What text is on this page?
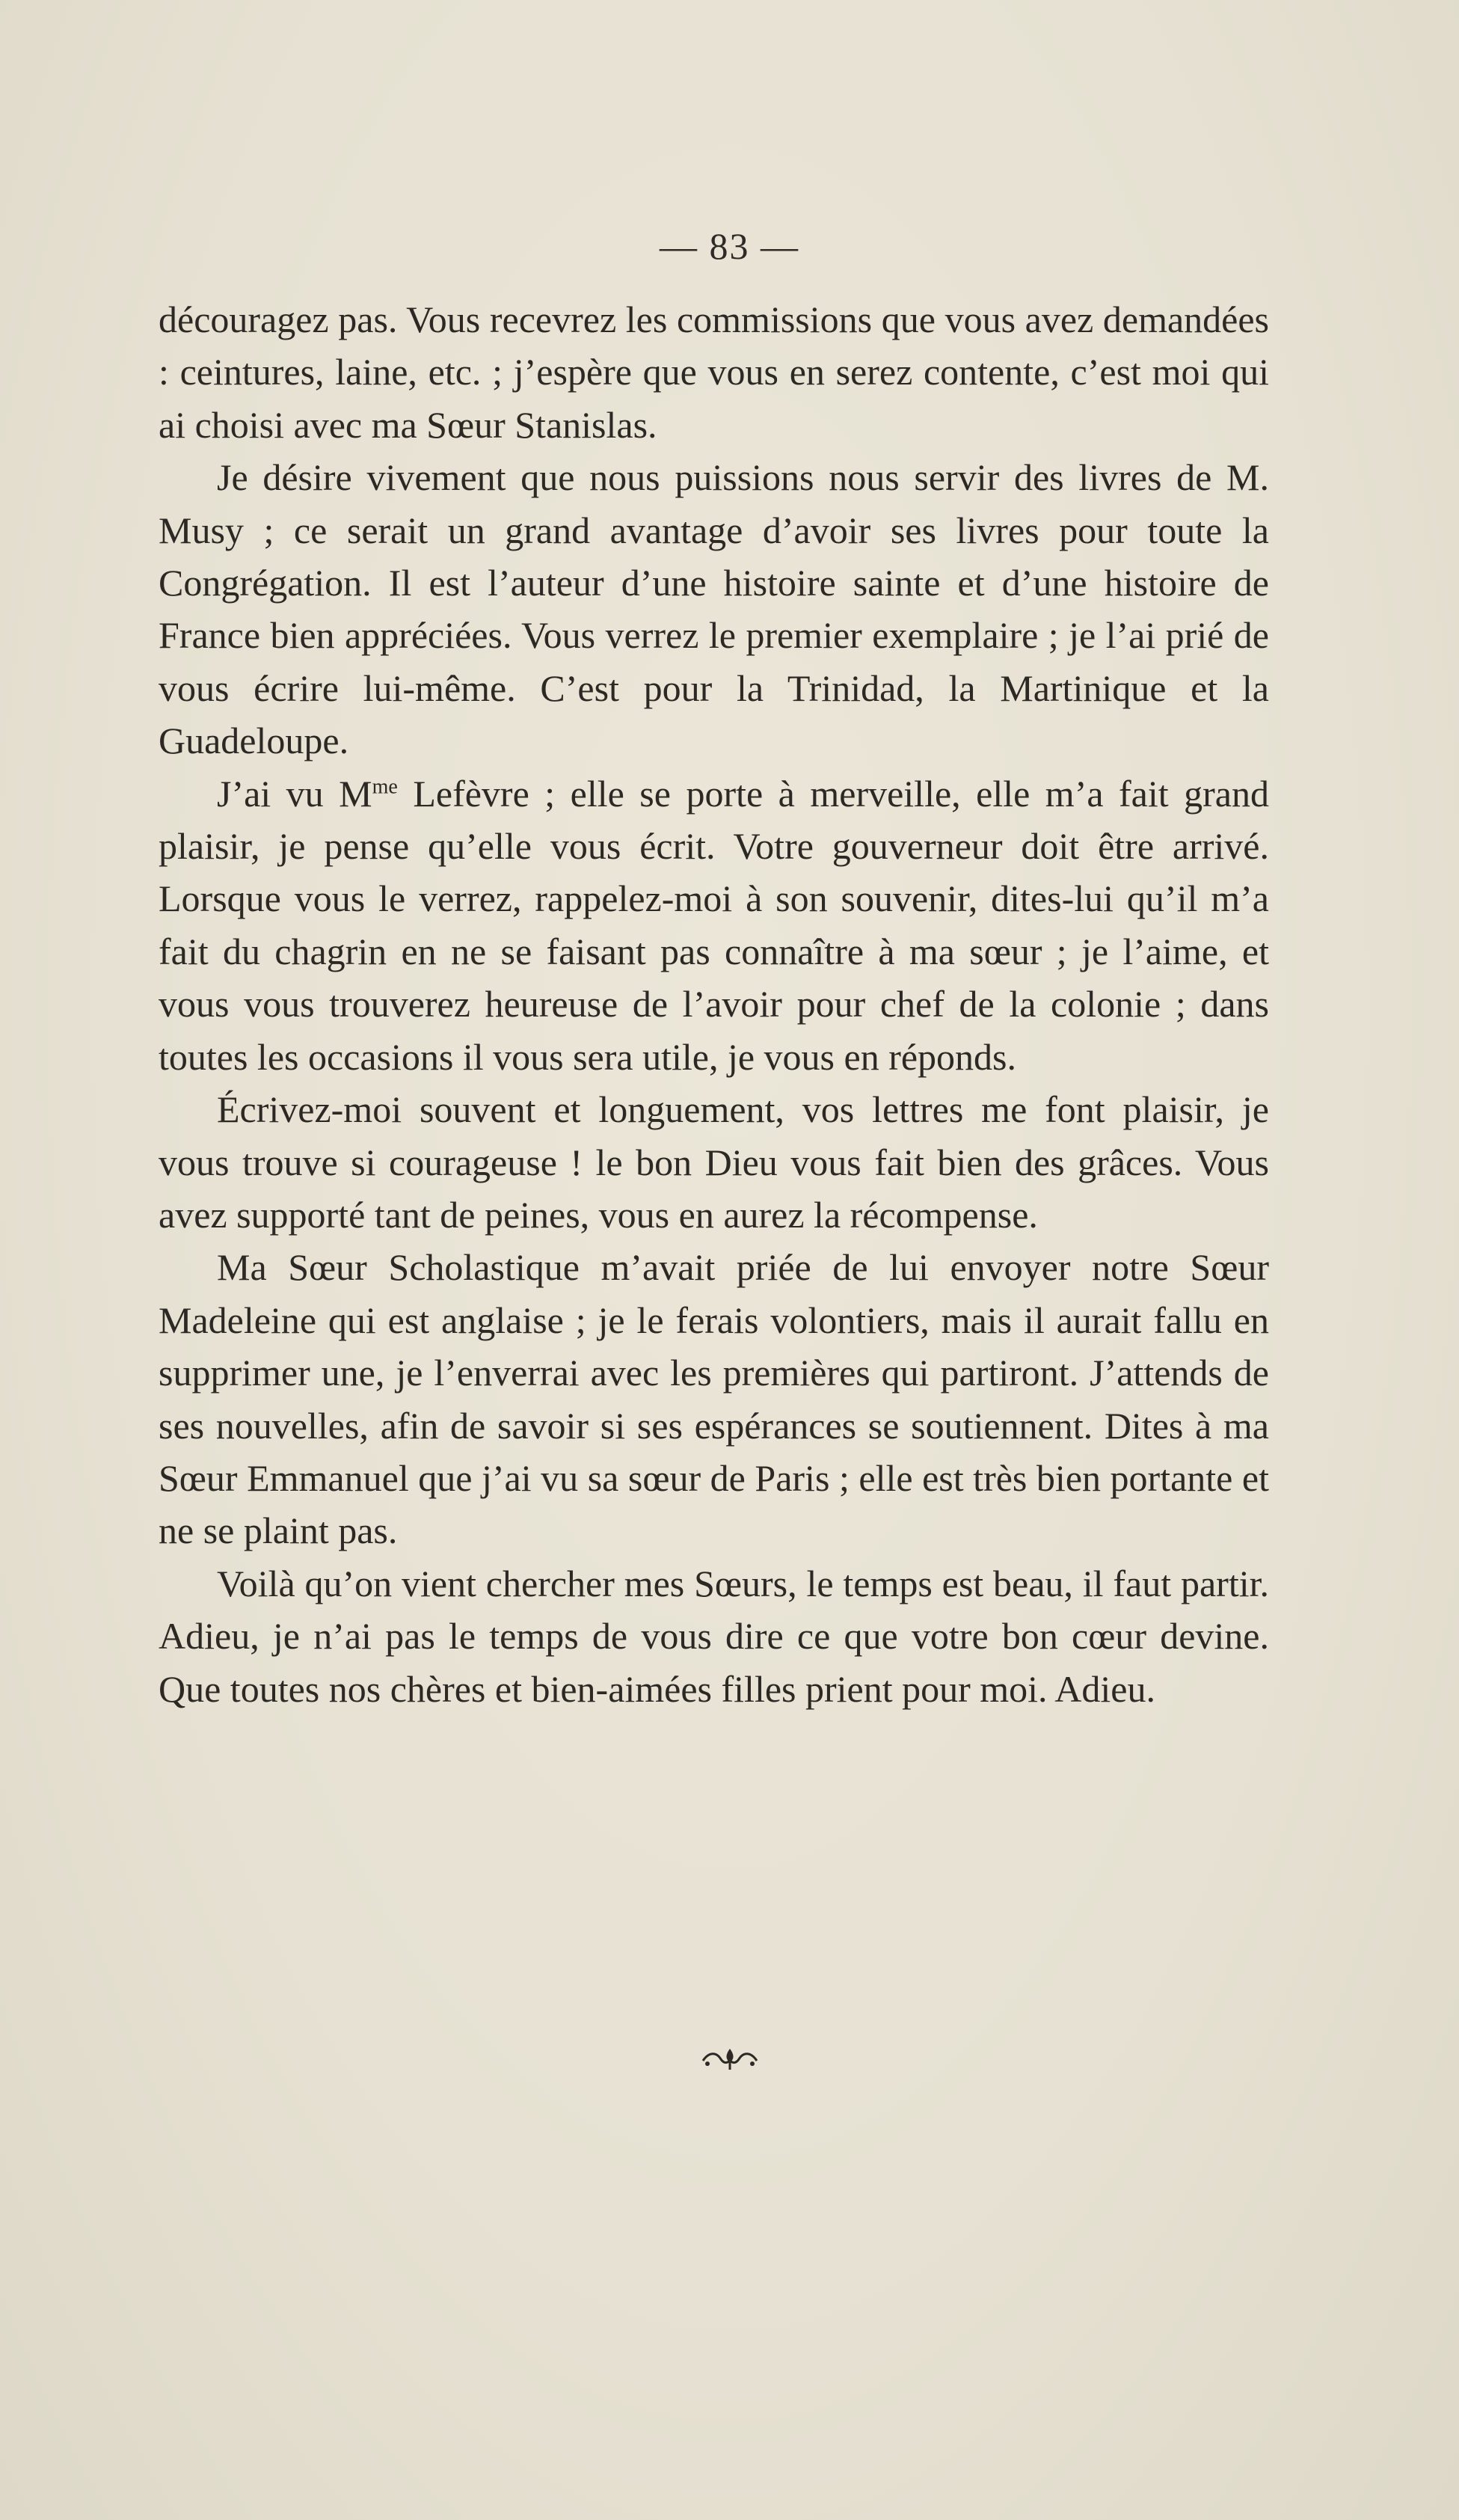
— 83 —

découragez pas. Vous recevrez les commissions que vous avez demandées : ceintures, laine, etc. ; j’espère que vous en serez contente, c’est moi qui ai choisi avec ma Sœur Stanislas.

Je désire vivement que nous puissions nous servir des livres de M. Musy ; ce serait un grand avantage d’avoir ses livres pour toute la Congrégation. Il est l’auteur d’une histoire sainte et d’une histoire de France bien appréciées. Vous verrez le premier exemplaire ; je l’ai prié de vous écrire lui-même. C’est pour la Trinidad, la Martinique et la Guadeloupe.

J’ai vu $M^{me}$ Lefèvre ; elle se porte à merveille, elle m’a fait grand plaisir, je pense qu’elle vous écrit. Votre gouverneur doit être arrivé. Lorsque vous le verrez, rappelez-moi à son souvenir, dites-lui qu’il m’a fait du chagrin en ne se faisant pas connaître à ma sœur ; je l’aime, et vous vous trouverez heureuse de l’avoir pour chef de la colonie ; dans toutes les occasions il vous sera utile, je vous en réponds.

Écrivez-moi souvent et longuement, vos lettres me font plaisir, je vous trouve si courageuse ! le bon Dieu vous fait bien des grâces. Vous avez supporté tant de peines, vous en aurez la récompense.

Ma Sœur Scholastique m’avait priée de lui envoyer notre Sœur Madeleine qui est anglaise ; je le ferais volontiers, mais il aurait fallu en supprimer une, je l’enverrai avec les premières qui partiront. J’attends de ses nouvelles, afin de savoir si ses espérances se soutiennent. Dites à ma Sœur Emmanuel que j’ai vu sa sœur de Paris ; elle est très bien portante et ne se plaint pas.

Voilà qu’on vient chercher mes Sœurs, le temps est beau, il faut partir. Adieu, je n’ai pas le temps de vous dire ce que votre bon cœur devine. Que toutes nos chères et bien-aimées filles prient pour moi. Adieu.
